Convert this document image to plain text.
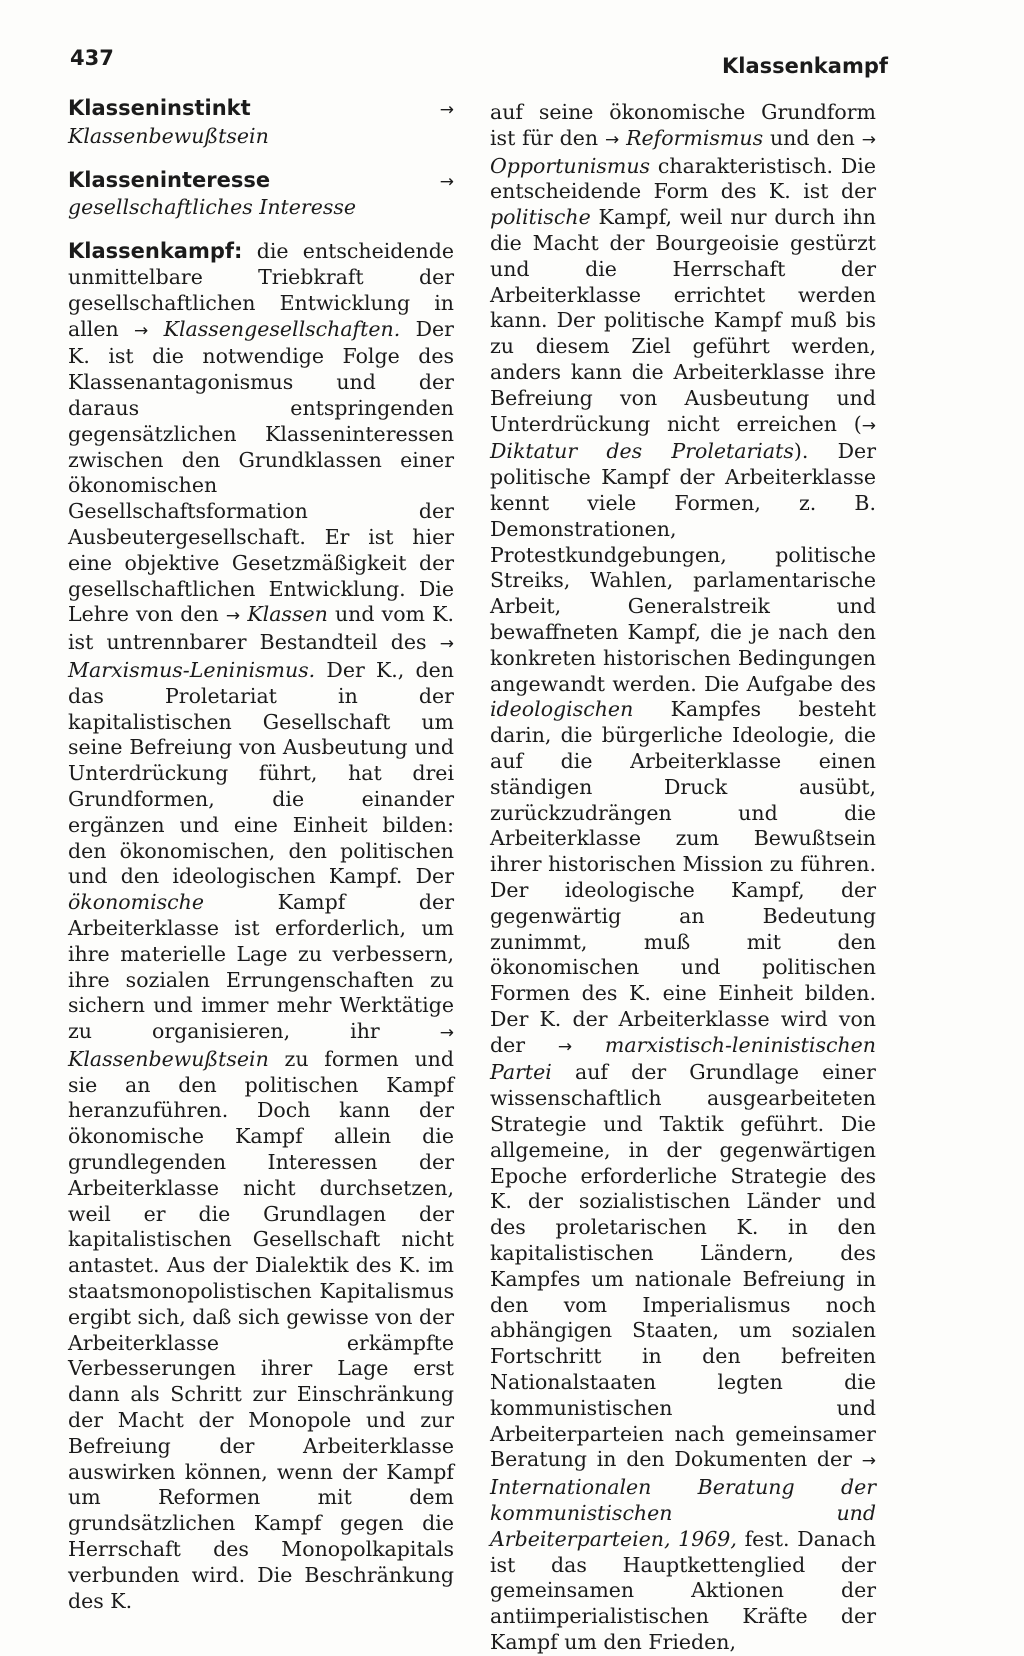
437	Klassenkampf

Klasseninstinkt	→ Klassenbewußtsein

Klasseninteresse	→ gesellschaftliches Interesse

Klassenkampf: die entscheidende unmittelbare Triebkraft der gesellschaftlichen Entwicklung in allen → Klassengesellschaften. Der K. ist die notwendige Folge des Klassenantagonismus und der daraus entspringenden gegensätzlichen Klasseninteressen zwischen den Grundklassen einer ökonomischen Gesellschaftsformation der Ausbeutergesellschaft. Er ist hier eine objektive Gesetzmäßigkeit der gesellschaftlichen Entwicklung. Die Lehre von den → Klassen und vom K. ist untrennbarer Bestandteil des → Marxismus-Leninismus. Der K., den das Proletariat in der kapitalistischen Gesellschaft um seine Befreiung von Ausbeutung und Unterdrückung führt, hat drei Grundformen, die einander ergänzen und eine Einheit bilden: den ökonomischen, den politischen und den ideologischen Kampf. Der ökonomische	Kampf der Arbeiterklasse ist erforderlich, um ihre materielle Lage zu verbessern, ihre sozialen Errungenschaften zu sichern und immer mehr Werktätige zu organisieren, ihr	→ Klassenbewußtsein zu formen und sie an den politischen Kampf heranzuführen. Doch kann der ökonomische Kampf allein die grundlegenden Interessen der Arbeiterklasse nicht durchsetzen, weil er die Grundlagen der kapitalistischen Gesellschaft nicht antastet. Aus der Dialektik des K. im staatsmonopolistischen Kapitalismus ergibt sich, daß sich gewisse von der Arbeiterklasse erkämpfte Verbesserungen ihrer Lage erst dann als Schritt zur Einschränkung der Macht der Monopole und zur Befreiung der Arbeiterklasse auswirken können, wenn der Kampf um Reformen mit dem grundsätzlichen Kampf gegen die Herrschaft des Monopolkapitals verbunden wird. Die Beschränkung des K.

auf seine ökonomische Grundform ist für den → Reformismus und den → Opportunismus charakteristisch. Die entscheidende Form des K. ist der politische Kampf, weil nur durch ihn die Macht der Bourgeoisie gestürzt und die Herrschaft der Arbeiterklasse errichtet werden kann. Der politische Kampf muß bis zu diesem Ziel geführt werden, anders kann die Arbeiterklasse ihre Befreiung von Ausbeutung und Unterdrückung nicht erreichen (→ Diktatur des Proletariats). Der politische Kampf der Arbeiterklasse kennt viele Formen, z. B. Demonstrationen, Protestkundgebungen, politische Streiks, Wahlen, parlamentarische Arbeit, Generalstreik und bewaffneten Kampf, die je nach den konkreten historischen Bedingungen angewandt werden. Die Aufgabe des ideologischen Kampfes besteht darin, die bürgerliche Ideologie, die auf die Arbeiterklasse einen ständigen Druck ausübt, zurückzudrängen und die Arbeiterklasse zum Bewußtsein ihrer historischen Mission zu führen. Der ideologische Kampf, der gegenwärtig an Bedeutung zunimmt, muß mit den ökonomischen und politischen Formen des K. eine Einheit bilden. Der K. der Arbeiterklasse wird von der → marxistisch-leninistischen Partei auf der Grundlage einer wissenschaftlich ausgearbeiteten Strategie und Taktik geführt. Die allgemeine, in der gegenwärtigen Epoche erforderliche Strategie des K. der sozialistischen Länder und des proletarischen K. in den kapitalistischen Ländern, des Kampfes um nationale Befreiung in den vom Imperialismus noch abhängigen Staaten, um sozialen Fortschritt in den befreiten Nationalstaaten legten die kommunistischen und Arbeiterparteien nach gemeinsamer Beratung in den Dokumenten der → Internationalen Beratung der kommunistischen und Arbeiterparteien, 1969, fest. Danach ist das Hauptkettenglied der gemeinsamen Aktionen der antiimperialistischen Kräfte der Kampf um den Frieden,
